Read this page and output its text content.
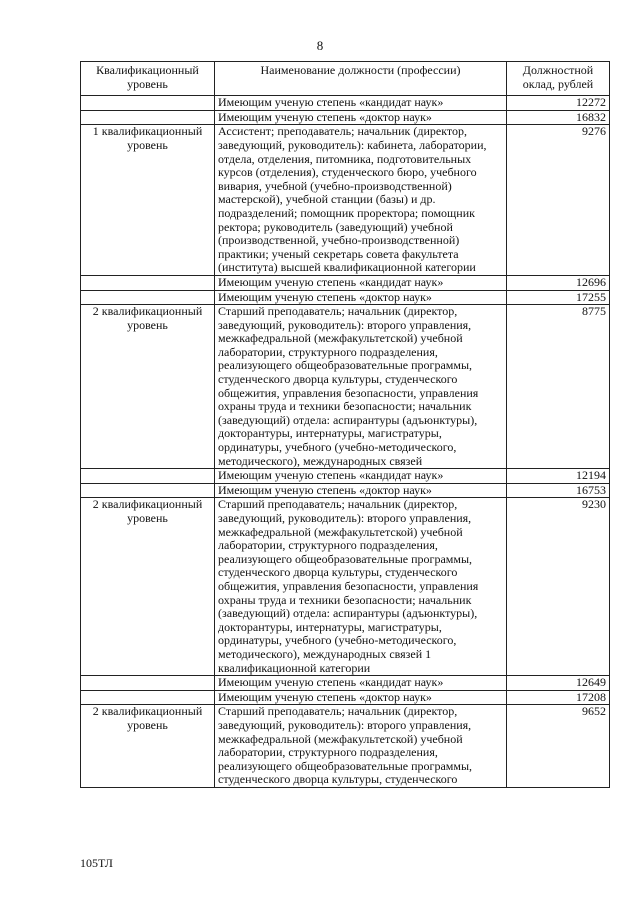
8
Квалификационный уровень	Наименование должности (профессии)	Должностной оклад, рублей
	Имеющим ученую степень «кандидат наук»	12272
	Имеющим ученую степень «доктор наук»	16832
1 квалификационный уровень	Ассистент; преподаватель; начальник (директор, заведующий, руководитель): кабинета, лаборатории, отдела, отделения, питомника, подготовительных курсов (отделения), студенческого бюро, учебного вивария, учебной (учебно-производственной) мастерской), учебной станции (базы) и др. подразделений; помощник проректора; помощник ректора; руководитель (заведующий) учебной (производственной, учебно-производственной) практики; ученый секретарь совета факультета (института) высшей квалификационной категории	9276
	Имеющим ученую степень «кандидат наук»	12696
	Имеющим ученую степень «доктор наук»	17255
2 квалификационный уровень	Старший преподаватель; начальник (директор, заведующий, руководитель): второго управления, межкафедральной (межфакультетской) учебной лаборатории, структурного подразделения, реализующего общеобразовательные программы, студенческого дворца культуры, студенческого общежития, управления безопасности, управления охраны труда и техники безопасности; начальник (заведующий) отдела: аспирантуры (адъюнктуры), докторантуры, интернатуры, магистратуры, ординатуры, учебного (учебно-методического, методического), международных связей	8775
	Имеющим ученую степень «кандидат наук»	12194
	Имеющим ученую степень «доктор наук»	16753
2 квалификационный уровень	Старший преподаватель; начальник (директор, заведующий, руководитель): второго управления, межкафедральной (межфакультетской) учебной лаборатории, структурного подразделения, реализующего общеобразовательные программы, студенческого дворца культуры, студенческого общежития, управления безопасности, управления охраны труда и техники безопасности; начальник (заведующий) отдела: аспирантуры (адъюнктуры), докторантуры, интернатуры, магистратуры, ординатуры, учебного (учебно-методического, методического), международных связей 1 квалификационной категории	9230
	Имеющим ученую степень «кандидат наук»	12649
	Имеющим ученую степень «доктор наук»	17208
2 квалификационный уровень	Старший преподаватель; начальник (директор, заведующий, руководитель): второго управления, межкафедральной (межфакультетской) учебной лаборатории, структурного подразделения, реализующего общеобразовательные программы, студенческого дворца культуры, студенческого	9652
105ТЛ
